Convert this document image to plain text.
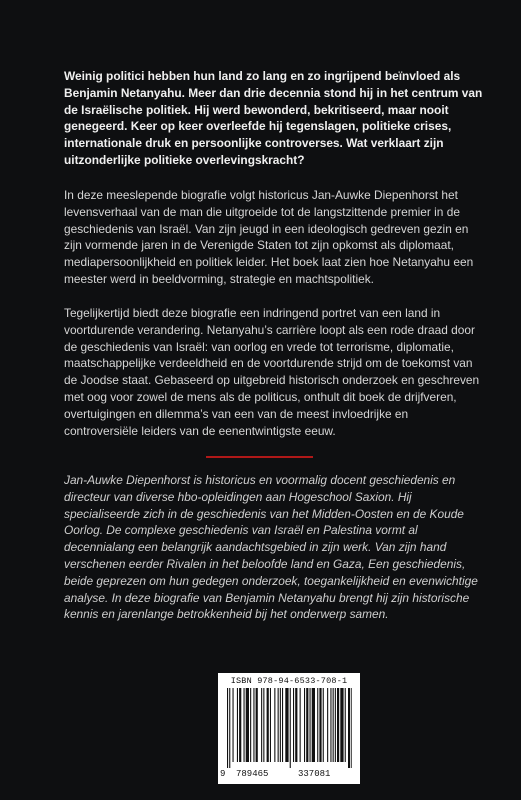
Weinig politici hebben hun land zo lang en zo ingrijpend beïnvloed als Benjamin Netanyahu. Meer dan drie decennia stond hij in het centrum van de Israëlische politiek. Hij werd bewonderd, bekritiseerd, maar nooit genegeerd. Keer op keer overleefde hij tegenslagen, politieke crises, internationale druk en persoonlijke controverses. Wat verklaart zijn uitzonderlijke politieke overlevingskracht?

In deze meeslepende biografie volgt historicus Jan-Auwke Diepenhorst het levensverhaal van de man die uitgroeide tot de langstzittende premier in de geschiedenis van Israël. Van zijn jeugd in een ideologisch gedreven gezin en zijn vormende jaren in de Verenigde Staten tot zijn opkomst als diplomaat, mediapersoonlijkheid en politiek leider. Het boek laat zien hoe Netanyahu een meester werd in beeldvorming, strategie en machtspolitiek.

Tegelijkertijd biedt deze biografie een indringend portret van een land in voortdurende verandering. Netanyahu’s carrière loopt als een rode draad door de geschiedenis van Israël: van oorlog en vrede tot terrorisme, diplomatie, maatschappelijke verdeeldheid en de voortdurende strijd om de toekomst van de Joodse staat. Gebaseerd op uitgebreid historisch onderzoek en geschreven met oog voor zowel de mens als de politicus, onthult dit boek de drijfveren, overtuigingen en dilemma’s van een van de meest invloedrijke en controversiële leiders van de eenentwintigste eeuw.

Jan-Auwke Diepenhorst is historicus en voormalig docent geschiedenis en directeur van diverse hbo-opleidingen aan Hogeschool Saxion. Hij specialiseerde zich in de geschiedenis van het Midden-Oosten en de Koude Oorlog. De complexe geschiedenis van Israël en Palestina vormt al decennialang een belangrijk aandachtsgebied in zijn werk. Van zijn hand verschenen eerder Rivalen in het beloofde land en Gaza, Een geschiedenis, beide geprezen om hun gedegen onderzoek, toegankelijkheid en evenwichtige analyse. In deze biografie van Benjamin Netanyahu brengt hij zijn historische kennis en jarenlange betrokkenheid bij het onderwerp samen.

ISBN 978-94-6533-708-1
9 789465	337081
